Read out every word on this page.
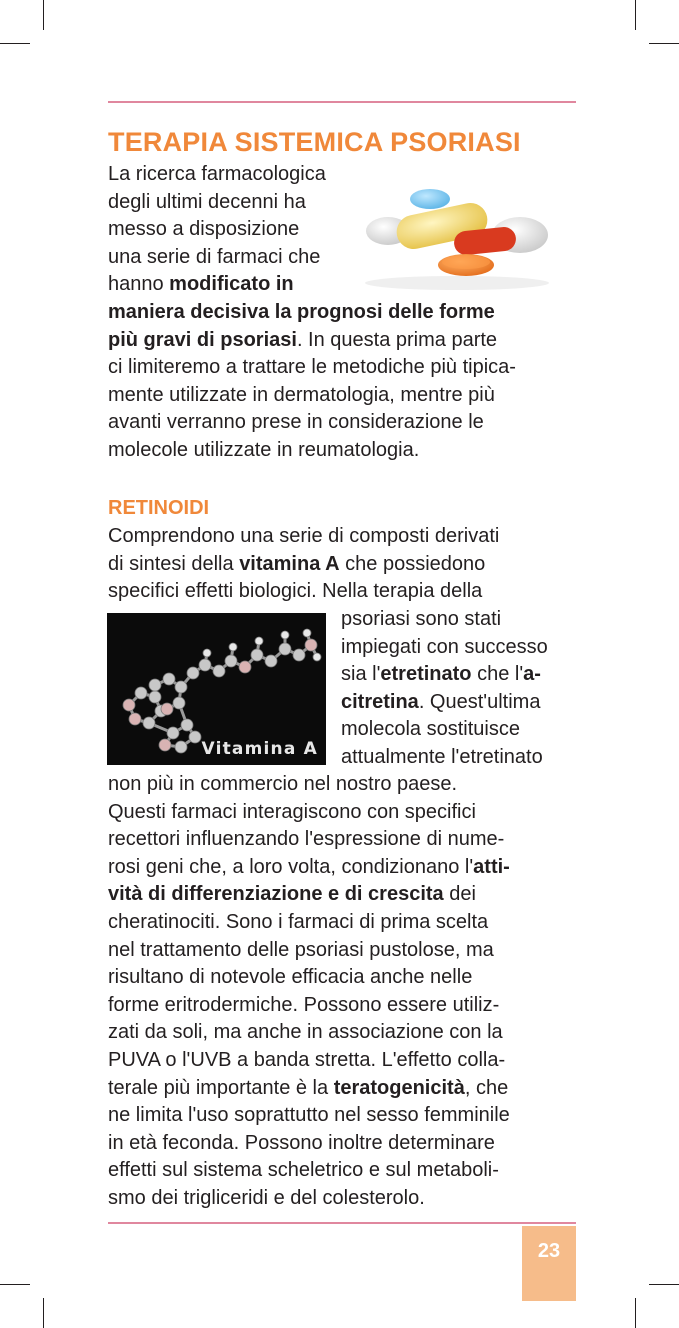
TERAPIA SISTEMICA PSORIASI
La ricerca farmacologica
degli ultimi decenni ha
messo a disposizione
una serie di farmaci che
hanno modificato in
maniera decisiva la prognosi delle forme
più gravi di psoriasi. In questa prima parte
ci limiteremo a trattare le metodiche più tipica-
mente utilizzate in dermatologia, mentre più
avanti verranno prese in considerazione le
molecole utilizzate in reumatologia.
RETINOIDI
Comprendono una serie di composti derivati
di sintesi della vitamina A che possiedono
specifici effetti biologici. Nella terapia della
Vitamina A
psoriasi sono stati
impiegati con successo
sia l'etretinato che l'a-
citretina. Quest'ultima
molecola sostituisce
attualmente l'etretinato
non più in commercio nel nostro paese.
Questi farmaci interagiscono con specifici
recettori influenzando l'espressione di nume-
rosi geni che, a loro volta, condizionano l'atti-
vità di differenziazione e di crescita dei
cheratinociti. Sono i farmaci di prima scelta
nel trattamento delle psoriasi pustolose, ma
risultano di notevole efficacia anche nelle
forme eritrodermiche. Possono essere utiliz-
zati da soli, ma anche in associazione con la
PUVA o l'UVB a banda stretta. L'effetto colla-
terale più importante è la teratogenicità, che
ne limita l'uso soprattutto nel sesso femminile
in età feconda. Possono inoltre determinare
effetti sul sistema scheletrico e sul metaboli-
smo dei trigliceridi e del colesterolo.
23
